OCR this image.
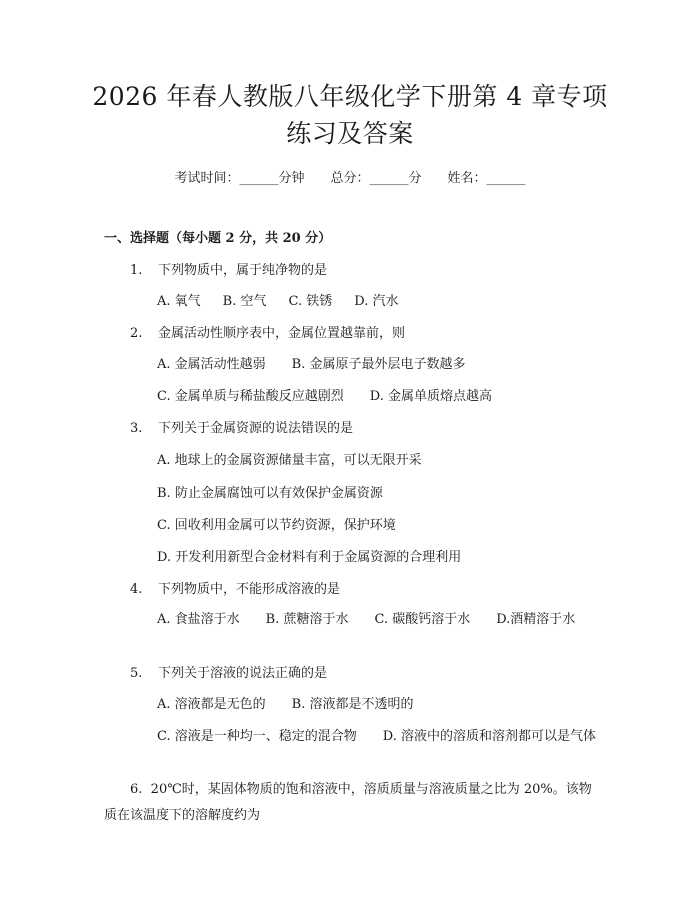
2026 年春人教版八年级化学下册第 4 章专项
练习及答案
考试时间：______分钟 总分：______分 姓名：______
一、选择题（每小题 2 分，共 20 分）
1. 下列物质中，属于纯净物的是
A. 氧气 B. 空气 C. 铁锈 D. 汽水
2. 金属活动性顺序表中，金属位置越靠前，则
A. 金属活动性越弱 B. 金属原子最外层电子数越多
C. 金属单质与稀盐酸反应越剧烈 D. 金属单质熔点越高
3. 下列关于金属资源的说法错误的是
A. 地球上的金属资源储量丰富，可以无限开采
B. 防止金属腐蚀可以有效保护金属资源
C. 回收利用金属可以节约资源，保护环境
D. 开发利用新型合金材料有利于金属资源的合理利用
4. 下列物质中，不能形成溶液的是
A. 食盐溶于水　　B. 蔗糖溶于水　　C. 碳酸钙溶于水　　D.酒精溶于水
5. 下列关于溶液的说法正确的是
A. 溶液都是无色的 B. 溶液都是不透明的
C. 溶液是一种均一、稳定的混合物　　D. 溶液中的溶质和溶剂都可以是气体
6. 20℃时，某固体物质的饱和溶液中，溶质质量与溶液质量之比为 20%。该物质在该温度下的溶解度约为
